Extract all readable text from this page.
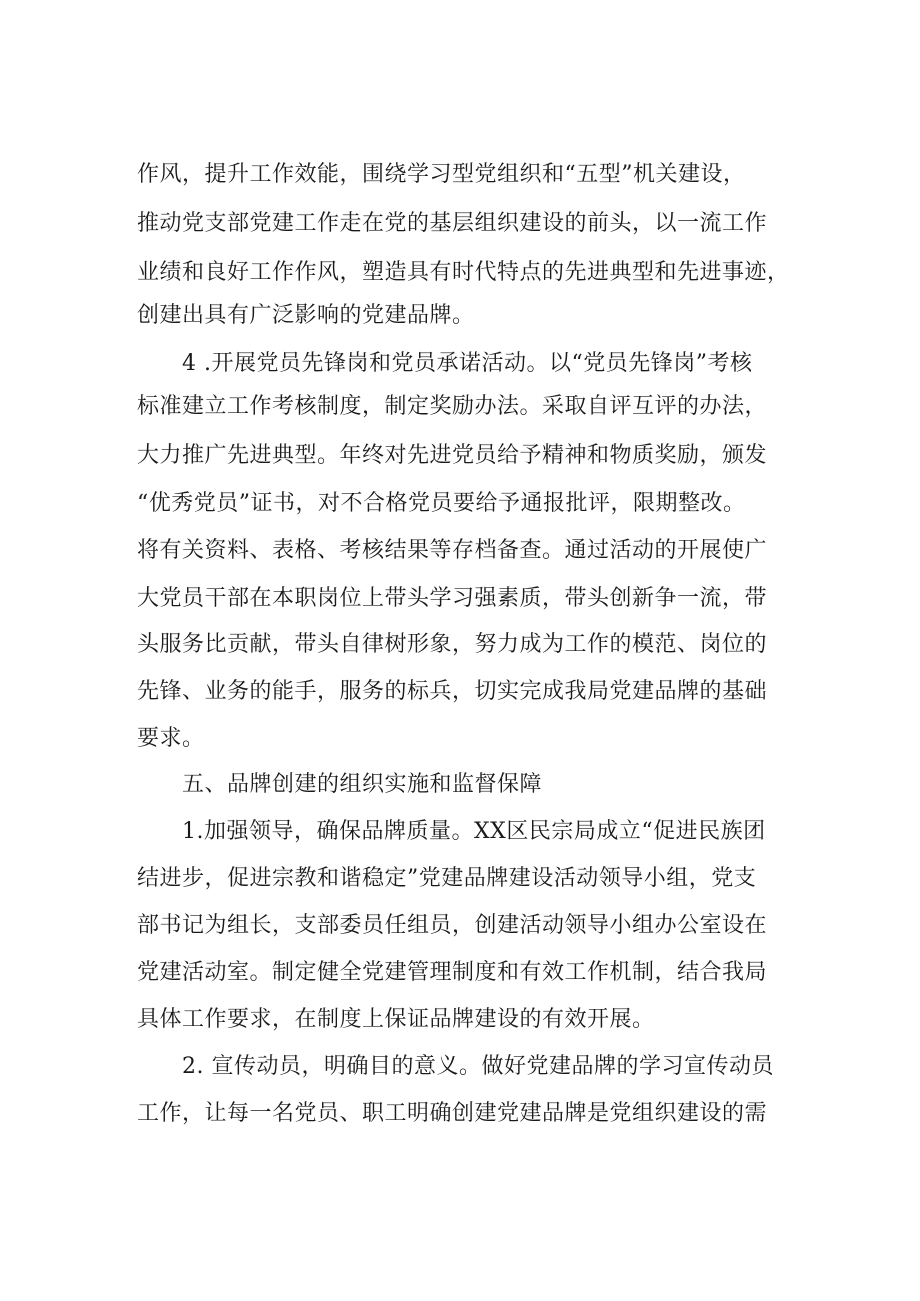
作风，提升工作效能，围绕学习型党组织和“五型”机关建设，
推动党支部党建工作走在党的基层组织建设的前头，以一流工作
业绩和良好工作作风，塑造具有时代特点的先进典型和先进事迹，
创建出具有广泛影响的党建品牌。
4 .开展党员先锋岗和党员承诺活动。以“党员先锋岗”考核
标准建立工作考核制度，制定奖励办法。采取自评互评的办法，
大力推广先进典型。年终对先进党员给予精神和物质奖励，颁发
“优秀党员”证书，对不合格党员要给予通报批评，限期整改。
将有关资料、表格、考核结果等存档备查。通过活动的开展使广
大党员干部在本职岗位上带头学习强素质，带头创新争一流，带
头服务比贡献，带头自律树形象，努力成为工作的模范、岗位的
先锋、业务的能手，服务的标兵，切实完成我局党建品牌的基础
要求。
五、品牌创建的组织实施和监督保障
1.加强领导，确保品牌质量。XX区民宗局成立“促进民族团
结进步，促进宗教和谐稳定”党建品牌建设活动领导小组，党支
部书记为组长，支部委员任组员，创建活动领导小组办公室设在
党建活动室。制定健全党建管理制度和有效工作机制，结合我局
具体工作要求，在制度上保证品牌建设的有效开展。
2. 宣传动员，明确目的意义。做好党建品牌的学习宣传动员
工作，让每一名党员、职工明确创建党建品牌是党组织建设的需
